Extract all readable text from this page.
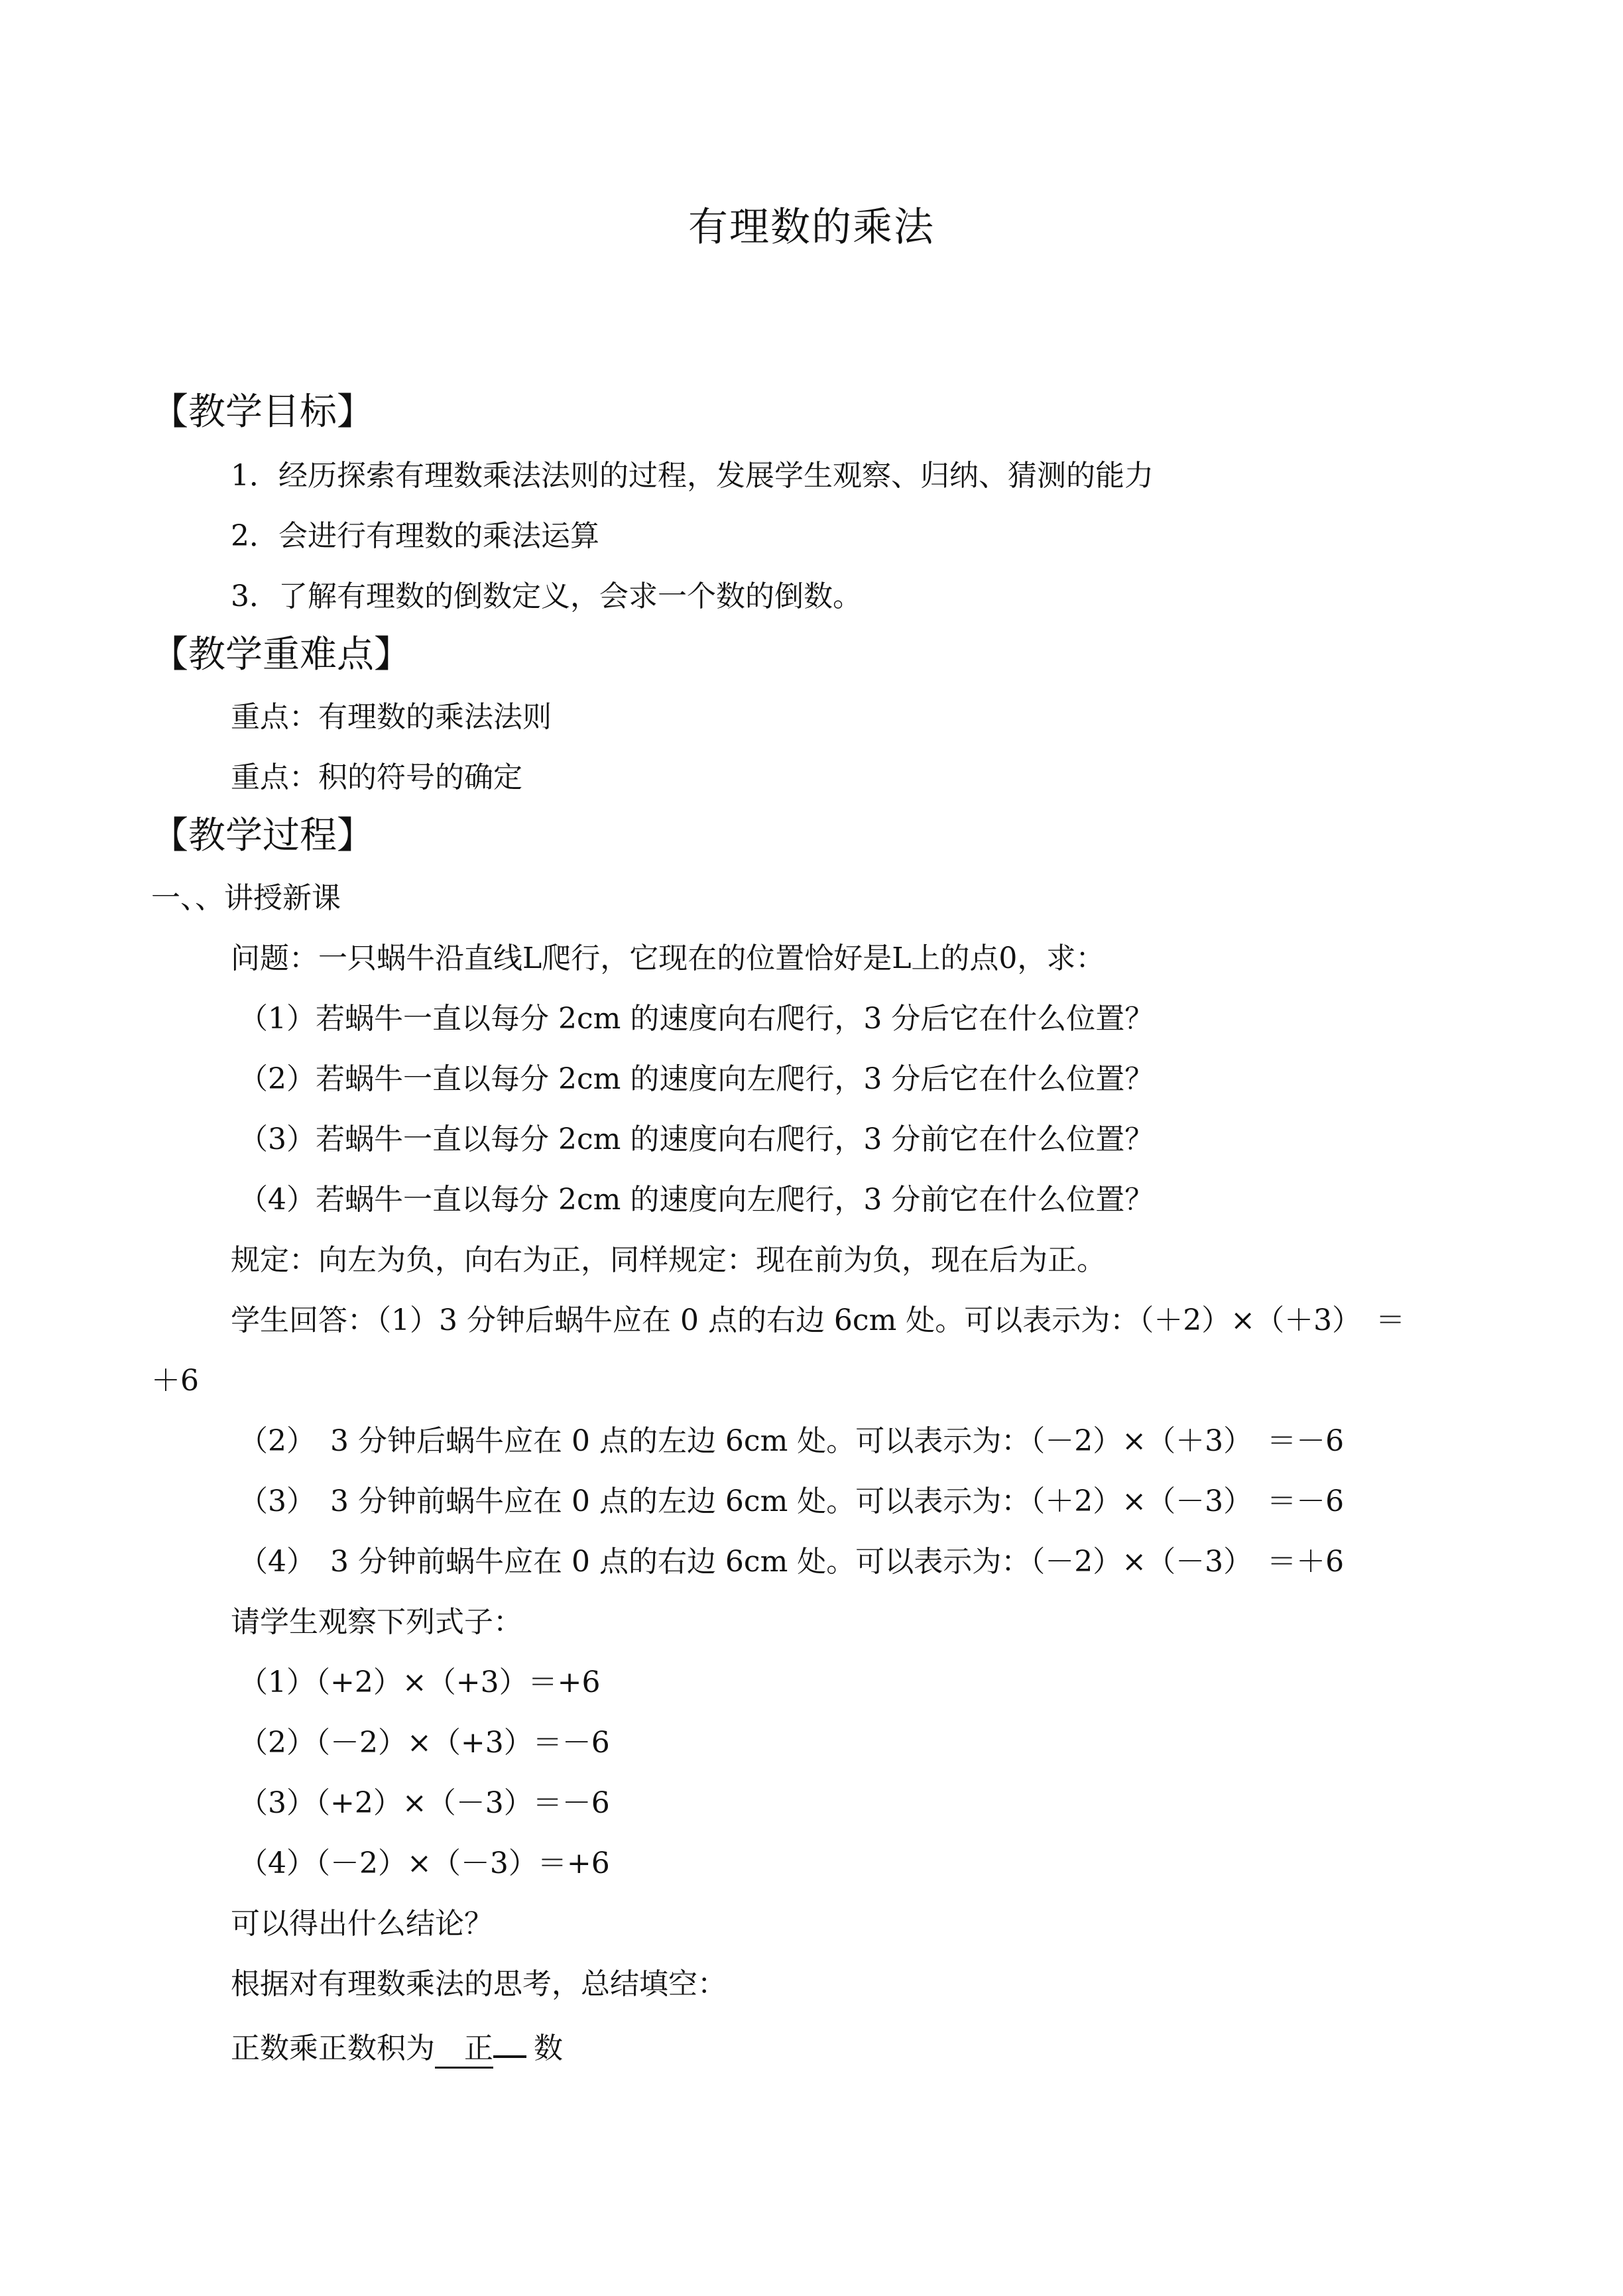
有理数的乘法
【教学目标】
1．经历探索有理数乘法法则的过程，发展学生观察、归纳、猜测的能力
2．会进行有理数的乘法运算
3．了解有理数的倒数定义，会求一个数的倒数。
【教学重难点】
重点：有理数的乘法法则
重点：积的符号的确定
【教学过程】
一、、讲授新课
问题：一只蜗牛沿直线L爬行，它现在的位置恰好是L上的点0，求：
（1）若蜗牛一直以每分 2cm 的速度向右爬行，3 分后它在什么位置？
（2）若蜗牛一直以每分 2cm 的速度向左爬行，3 分后它在什么位置？
（3）若蜗牛一直以每分 2cm 的速度向右爬行，3 分前它在什么位置？
（4）若蜗牛一直以每分 2cm 的速度向左爬行，3 分前它在什么位置？
规定：向左为负，向右为正，同样规定：现在前为负，现在后为正。
学生回答：（1）3 分钟后蜗牛应在 0 点的右边 6cm 处。可以表示为：（＋2）×（＋3）　＝
＋6
（2）　3 分钟后蜗牛应在 0 点的左边 6cm 处。可以表示为：（－2）×（＋3）　＝－6
（3）　3 分钟前蜗牛应在 0 点的左边 6cm 处。可以表示为：（＋2）×（－3）　＝－6
（4）　3 分钟前蜗牛应在 0 点的右边 6cm 处。可以表示为：（－2）×（－3）　＝＋6
请学生观察下列式子：
（1）（+2）×（+3）＝+6
（2）（－2）×（+3）＝－6
（3）（+2）×（－3）＝－6
（4）（－2）×（－3）＝+6
可以得出什么结论？
根据对有理数乘法的思考，总结填空：
正数乘正数积为  正  数
